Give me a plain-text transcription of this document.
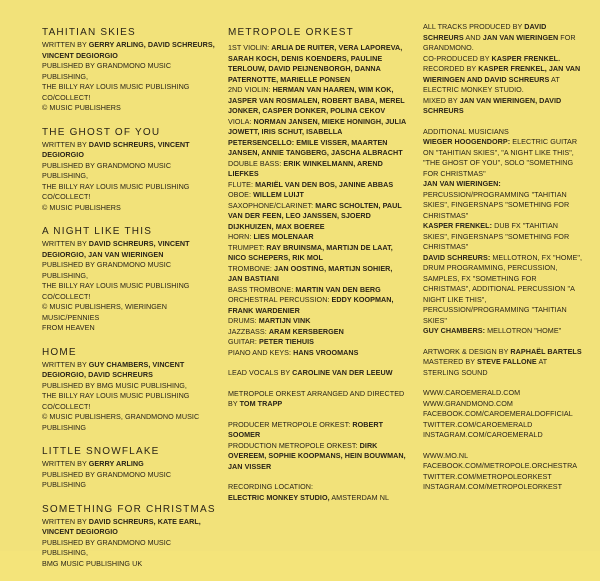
TAHITIAN SKIES
WRITTEN BY GERRY ARLING, DAVID SCHREURS, VINCENT DEGIORGIO
PUBLISHED BY GRANDMONO MUSIC PUBLISHING,
THE BILLY RAY LOUIS MUSIC PUBLISHING CO/COLLECT!
© MUSIC PUBLISHERS
THE GHOST OF YOU
WRITTEN BY DAVID SCHREURS, VINCENT DEGIORGIO
PUBLISHED BY GRANDMONO MUSIC PUBLISHING,
THE BILLY RAY LOUIS MUSIC PUBLISHING CO/COLLECT!
© MUSIC PUBLISHERS
A NIGHT LIKE THIS
WRITTEN BY DAVID SCHREURS, VINCENT DEGIORGIO, JAN VAN WIERINGEN
PUBLISHED BY GRANDMONO MUSIC PUBLISHING,
THE BILLY RAY LOUIS MUSIC PUBLISHING CO/COLLECT!
© MUSIC PUBLISHERS, WIERINGEN MUSIC/PENNIES
FROM HEAVEN
HOME
WRITTEN BY GUY CHAMBERS, VINCENT DEGIORGIO, DAVID SCHREURS
PUBLISHED BY BMG MUSIC PUBLISHING,
THE BILLY RAY LOUIS MUSIC PUBLISHING CO/COLLECT!
© MUSIC PUBLISHERS, GRANDMONO MUSIC PUBLISHING
LITTLE SNOWFLAKE
WRITTEN BY GERRY ARLING
PUBLISHED BY GRANDMONO MUSIC PUBLISHING
SOMETHING FOR CHRISTMAS
WRITTEN BY DAVID SCHREURS, KATE EARL, VINCENT DEGIORGIO
PUBLISHED BY GRANDMONO MUSIC PUBLISHING,
BMG MUSIC PUBLISHING UK
METROPOLE ORKEST
1ST VIOLIN: ARLIA DE RUITER, VERA LAPOREVA, SARAH KOCH, DENIS KOENDERS, PAULINE TERLOUW, DAVID PEIJNENBORGH, DANNA PATERNOTTE, MARIELLE PONSEN
2ND VIOLIN: HERMAN VAN HAAREN, WIM KOK, JASPER VAN ROSMALEN, ROBERT BABA, MEREL JONKER, CASPER DONKER, POLINA CEKOV
VIOLA: NORMAN JANSEN, MIEKE HONINGH, JULIA JOWETT, IRIS SCHUT, ISABELLA PETERSENCELLO: EMILE VISSER, MAARTEN JANSEN, ANNIE TANGBERG, JASCHA ALBRACHT
DOUBLE BASS: ERIK WINKELMANN, AREND LIEFKES
FLUTE: MARIËL VAN DEN BOS, JANINE ABBAS
OBOE: WILLEM LUIJT
SAXOPHONE/CLARINET: MARC SCHOLTEN, PAUL VAN DER FEEN, LEO JANSSEN, SJOERD DIJKHUIZEN, MAX BOEREE
HORN: LIES MOLENAAR
TRUMPET: RAY BRUINSMA, MARTIJN DE LAAT, NICO SCHEPERS, RIK MOL
TROMBONE: JAN OOSTING, MARTIJN SOHIER, JAN BASTIANI
BASS TROMBONE: MARTIN VAN DEN BERG
ORCHESTRAL PERCUSSION: EDDY KOOPMAN, FRANK WARDENIER
DRUMS: MARTIJN VINK
JAZZBASS: ARAM KERSBERGEN
GUITAR: PETER TIEHUIS
PIANO AND KEYS: HANS VROOMANS
LEAD VOCALS BY CAROLINE VAN DER LEEUW
METROPOLE ORKEST ARRANGED AND DIRECTED BY TOM TRAPP
PRODUCER METROPOLE ORKEST: ROBERT SOOMER
PRODUCTION METROPOLE ORKEST: DIRK OVEREEM, SOPHIE KOOPMANS, HEIN BOUWMAN, JAN VISSER
RECORDING LOCATION:
ELECTRIC MONKEY STUDIO, AMSTERDAM NL
ALL TRACKS PRODUCED BY DAVID SCHREURS AND JAN VAN WIERINGEN FOR GRANDMONO.
CO-PRODUCED BY KASPER FRENKEL.
RECORDED BY KASPER FRENKEL, JAN VAN WIERINGEN AND DAVID SCHREURS AT ELECTRIC MONKEY STUDIO.
MIXED BY JAN VAN WIERINGEN, DAVID SCHREURS
ADDITIONAL MUSICIANS
WIEGER HOOGENDORP: ELECTRIC GUITAR ON "TAHITIAN SKIES", "A NIGHT LIKE THIS", "THE GHOST OF YOU", SOLO "SOMETHING FOR CHRISTMAS"
JAN VAN WIERINGEN: PERCUSSION/PROGRAMMING "TAHITIAN SKIES", FINGERSNAPS "SOMETHING FOR CHRISTMAS"
KASPER FRENKEL: DUB FX "TAHITIAN SKIES", FINGERSNAPS "SOMETHING FOR CHRISTMAS"
DAVID SCHREURS: MELLOTRON, FX "HOME", DRUM PROGRAMMING, PERCUSSION, SAMPLES, FX "SOMETHING FOR CHRISTMAS", ADDITIONAL PERCUSSION "A NIGHT LIKE THIS", PERCUSSION/PROGRAMMING "TAHITIAN SKIES"
GUY CHAMBERS: MELLOTRON "HOME"
ARTWORK & DESIGN BY RAPHAËL BARTELS
MASTERED BY STEVE FALLONE AT STERLING SOUND
WWW.CAROEMERALD.COM
WWW.GRANDMONO.COM
FACEBOOK.COM/CAROEMERALDOFFICIAL
TWITTER.COM/CAROEMERALD
INSTAGRAM.COM/CAROEMERALD
WWW.MO.NL
FACEBOOK.COM/METROPOLE.ORCHESTRA
TWITTER.COM/METROPOLEORKEST
INSTAGRAM.COM/METROPOLEORKEST
